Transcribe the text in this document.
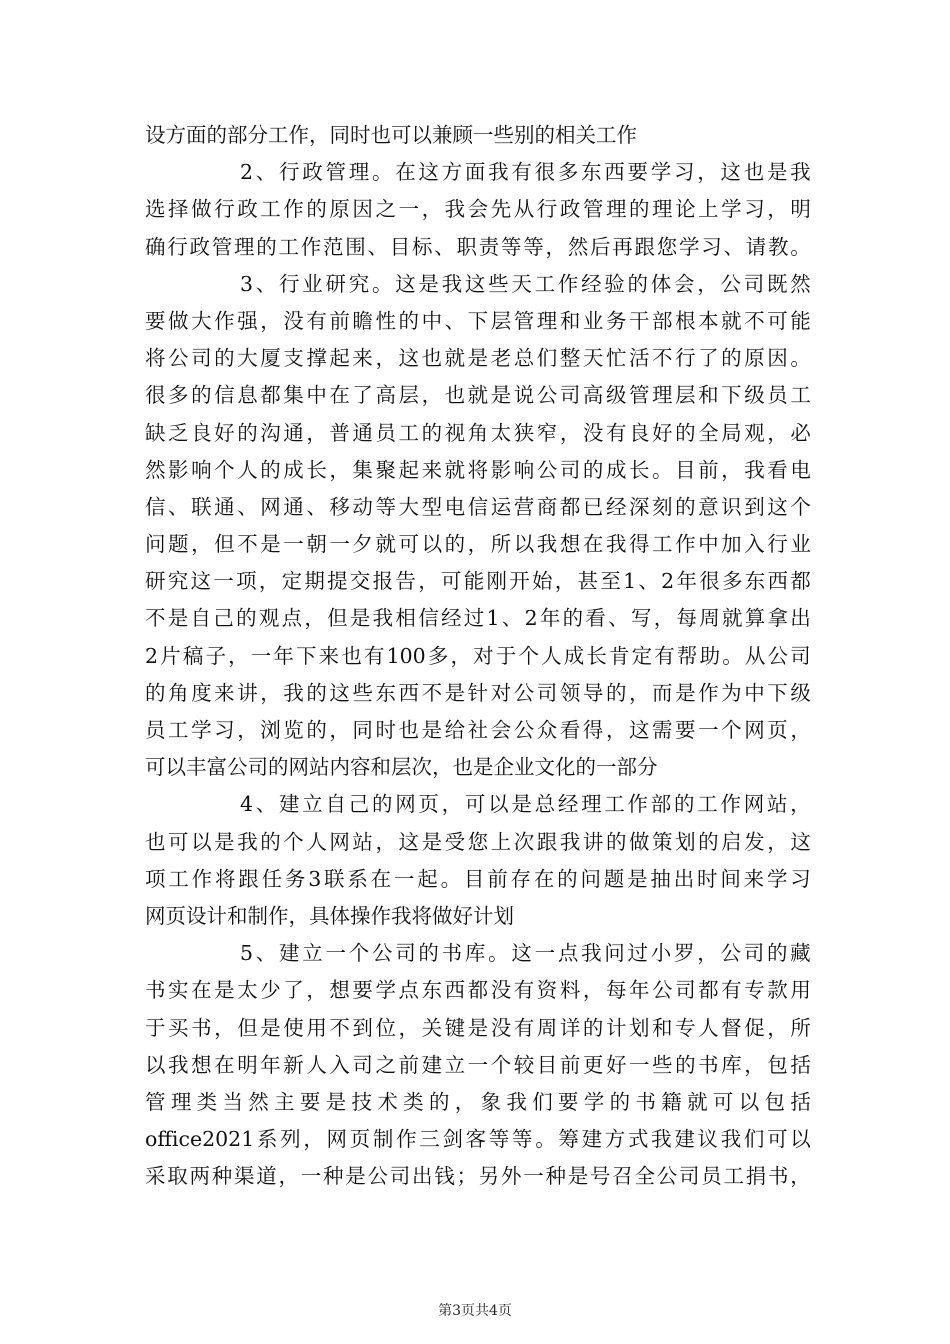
设方面的部分工作，同时也可以兼顾一些别的相关工作
2 、 行 政 管 理 。 在 这 方 面 我 有 很 多 东 西 要 学 习 ， 这 也 是 我
选 择 做 行 政 工 作 的 原 因 之 一 ， 我 会 先 从 行 政 管 理 的 理 论 上 学 习 ， 明
确 行 政 管 理 的 工 作 范 围 、 目 标 、 职 责 等 等 ， 然 后 再 跟 您 学 习 、 请 教 。
3 、 行 业 研 究 。 这 是 我 这 些 天 工 作 经 验 的 体 会 ， 公 司 既 然
要 做 大 作 强 ， 没 有 前 瞻 性 的 中 、 下 层 管 理 和 业 务 干 部 根 本 就 不 可 能
将 公 司 的 大 厦 支 撑 起 来 ， 这 也 就 是 老 总 们 整 天 忙 活 不 行 了 的 原 因 。
很 多 的 信 息 都 集 中 在 了 高 层 ， 也 就 是 说 公 司 高 级 管 理 层 和 下 级 员 工
缺 乏 良 好 的 沟 通 ， 普 通 员 工 的 视 角 太 狭 窄 ， 没 有 良 好 的 全 局 观 ， 必
然 影 响 个 人 的 成 长 ， 集 聚 起 来 就 将 影 响 公 司 的 成 长 。 目 前 ， 我 看 电
信 、 联 通 、 网 通 、 移 动 等 大 型 电 信 运 营 商 都 已 经 深 刻 的 意 识 到 这 个
问 题 ， 但 不 是 一 朝 一 夕 就 可 以 的 ， 所 以 我 想 在 我 得 工 作 中 加 入 行 业
研 究 这 一 项 ， 定 期 提 交 报 告 ， 可 能 刚 开 始 ， 甚 至 1 、 2 年 很 多 东 西 都
不 是 自 己 的 观 点 ， 但 是 我 相 信 经 过 1 、 2 年 的 看 、 写 ， 每 周 就 算 拿 出
2 片 稿 子 ， 一 年 下 来 也 有 100 多 ， 对 于 个 人 成 长 肯 定 有 帮 助 。 从 公 司
的 角 度 来 讲 ， 我 的 这 些 东 西 不 是 针 对 公 司 领 导 的 ， 而 是 作 为 中 下 级
员 工 学 习 ， 浏 览 的 ， 同 时 也 是 给 社 会 公 众 看 得 ， 这 需 要 一 个 网 页 ，
可以丰富公司的网站内容和层次，也是企业文化的一部分
4 、 建 立 自 己 的 网 页 ， 可 以 是 总 经 理 工 作 部 的 工 作 网 站 ，
也 可 以 是 我 的 个 人 网 站 ， 这 是 受 您 上 次 跟 我 讲 的 做 策 划 的 启 发 ， 这
项 工 作 将 跟 任 务 3 联 系 在 一 起 。 目 前 存 在 的 问 题 是 抽 出 时 间 来 学 习
网页设计和制作，具体操作我将做好计划
5 、 建 立 一 个 公 司 的 书 库 。 这 一 点 我 问 过 小 罗 ， 公 司 的 藏
书 实 在 是 太 少 了 ， 想 要 学 点 东 西 都 没 有 资 料 ， 每 年 公 司 都 有 专 款 用
于 买 书 ， 但 是 使 用 不 到 位 ， 关 键 是 没 有 周 详 的 计 划 和 专 人 督 促 ， 所
以 我 想 在 明 年 新 人 入 司 之 前 建 立 一 个 较 目 前 更 好 一 些 的 书 库 ， 包 括
管 理 类 当 然 主 要 是 技 术 类 的 ， 象 我 们 要 学 的 书 籍 就 可 以 包 括
office2021 系 列 ， 网 页 制 作 三 剑 客 等 等 。 筹 建 方 式 我 建 议 我 们 可 以
采 取 两 种 渠 道 ， 一 种 是 公 司 出 钱 ； 另 外 一 种 是 号 召 全 公 司 员 工 捐 书 ，
第3页共4页
